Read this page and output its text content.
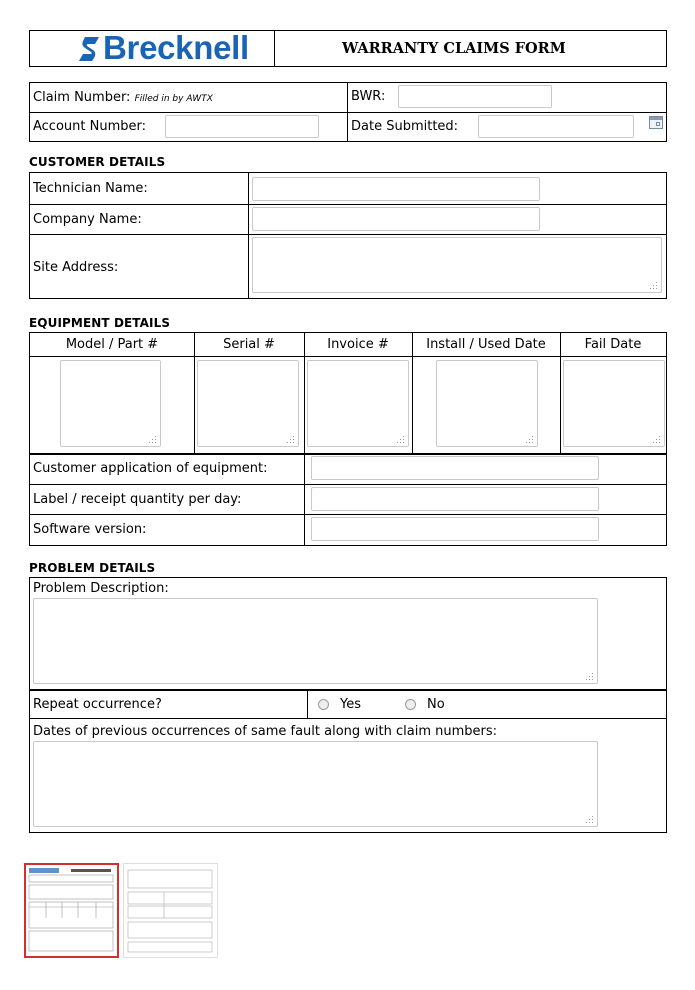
Brecknell	WARRANTY CLAIMS FORM
Claim Number: Filled in by AWTX	BWR:
Account Number:	Date Submitted:
CUSTOMER DETAILS
Technician Name:
Company Name:
Site Address:
EQUIPMENT DETAILS
Model / Part #	Serial #	Invoice #	Install / Used Date	Fail Date
Customer application of equipment:
Label / receipt quantity per day:
Software version:
PROBLEM DETAILS
Problem Description:
Repeat occurrence?	Yes	No
Dates of previous occurrences of same fault along with claim numbers:
